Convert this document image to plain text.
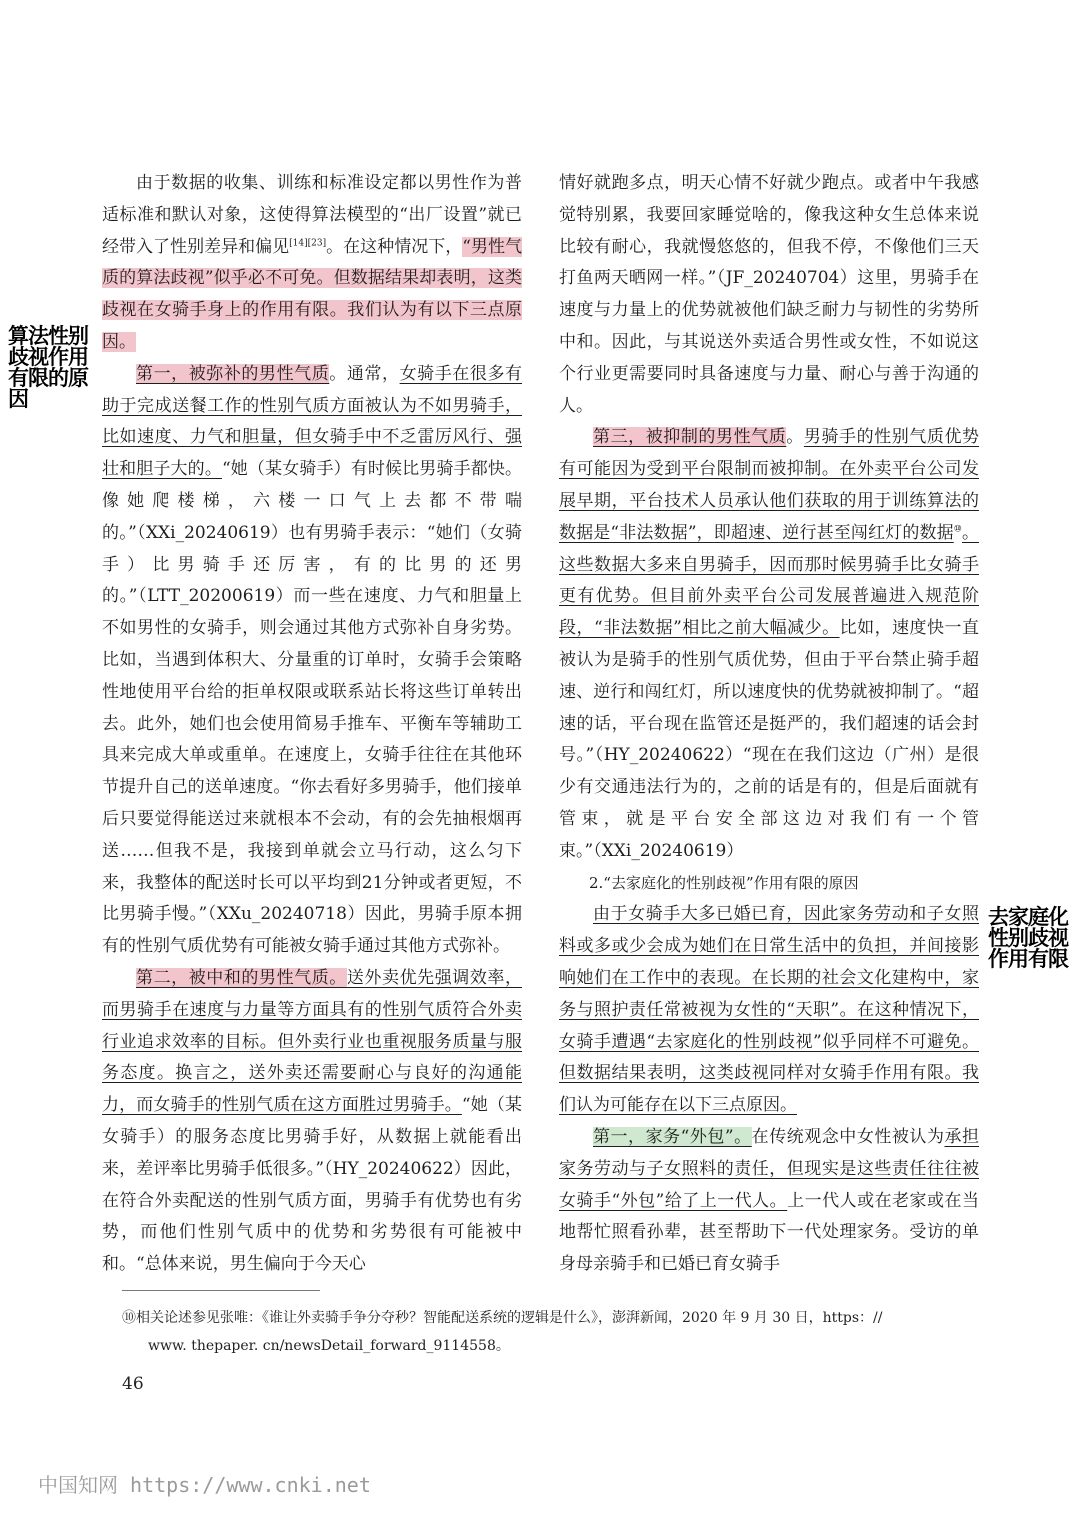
算法性别歧视作用有限的原因
去家庭化性别歧视作用有限

由于数据的收集、训练和标准设定都以男性作为普适标准和默认对象，这使得算法模型的“出厂设置”就已经带入了性别差异和偏见[14][23]。在这种情况下，“男性气质的算法歧视”似乎必不可免。但数据结果却表明，这类歧视在女骑手身上的作用有限。我们认为有以下三点原因。

第一，被弥补的男性气质。通常，女骑手在很多有助于完成送餐工作的性别气质方面被认为不如男骑手，比如速度、力气和胆量，但女骑手中不乏雷厉风行、强壮和胆子大的。“她（某女骑手）有时候比男骑手都快。像她爬楼梯，六楼一口气上去都不带喘的。”（XXi_20240619）也有男骑手表示：“她们（女骑手）比男骑手还厉害，有的比男的还男的。”（LTT_20200619）而一些在速度、力气和胆量上不如男性的女骑手，则会通过其他方式弥补自身劣势。比如，当遇到体积大、分量重的订单时，女骑手会策略性地使用平台给的拒单权限或联系站长将这些订单转出去。此外，她们也会使用简易手推车、平衡车等辅助工具来完成大单或重单。在速度上，女骑手往往在其他环节提升自己的送单速度。“你去看好多男骑手，他们接单后只要觉得能送过来就根本不会动，有的会先抽根烟再送……但我不是，我接到单就会立马行动，这么匀下来，我整体的配送时长可以平均到21分钟或者更短，不比男骑手慢。”（XXu_20240718）因此，男骑手原本拥有的性别气质优势有可能被女骑手通过其他方式弥补。

第二，被中和的男性气质。送外卖优先强调效率，而男骑手在速度与力量等方面具有的性别气质符合外卖行业追求效率的目标。但外卖行业也重视服务质量与服务态度。换言之，送外卖还需要耐心与良好的沟通能力，而女骑手的性别气质在这方面胜过男骑手。“她（某女骑手）的服务态度比男骑手好，从数据上就能看出来，差评率比男骑手低很多。”（HY_20240622）因此，在符合外卖配送的性别气质方面，男骑手有优势也有劣势，而他们性别气质中的优势和劣势很有可能被中和。“总体来说，男生偏向于今天心

情好就跑多点，明天心情不好就少跑点。或者中午我感觉特别累，我要回家睡觉啥的，像我这种女生总体来说比较有耐心，我就慢悠悠的，但我不停，不像他们三天打鱼两天晒网一样。”（JF_20240704）这里，男骑手在速度与力量上的优势就被他们缺乏耐力与韧性的劣势所中和。因此，与其说送外卖适合男性或女性，不如说这个行业更需要同时具备速度与力量、耐心与善于沟通的人。

第三，被抑制的男性气质。男骑手的性别气质优势有可能因为受到平台限制而被抑制。在外卖平台公司发展早期，平台技术人员承认他们获取的用于训练算法的数据是“非法数据”，即超速、逆行甚至闯红灯的数据⑩。这些数据大多来自男骑手，因而那时候男骑手比女骑手更有优势。但目前外卖平台公司发展普遍进入规范阶段，“非法数据”相比之前大幅减少。比如，速度快一直被认为是骑手的性别气质优势，但由于平台禁止骑手超速、逆行和闯红灯，所以速度快的优势就被抑制了。“超速的话，平台现在监管还是挺严的，我们超速的话会封号。”（HY_20240622）“现在在我们这边（广州）是很少有交通违法行为的，之前的话是有的，但是后面就有管束，就是平台安全部这边对我们有一个管束。”（XXi_20240619）

2.“去家庭化的性别歧视”作用有限的原因

由于女骑手大多已婚已育，因此家务劳动和子女照料或多或少会成为她们在日常生活中的负担，并间接影响她们在工作中的表现。在长期的社会文化建构中，家务与照护责任常被视为女性的“天职”。在这种情况下，女骑手遭遇“去家庭化的性别歧视”似乎同样不可避免。但数据结果表明，这类歧视同样对女骑手作用有限。我们认为可能存在以下三点原因。

第一，家务“外包”。在传统观念中女性被认为承担家务劳动与子女照料的责任，但现实是这些责任往往被女骑手“外包”给了上一代人。上一代人或在老家或在当地帮忙照看孙辈，甚至帮助下一代处理家务。受访的单身母亲骑手和已婚已育女骑手

⑩相关论述参见张唯：《谁让外卖骑手争分夺秒？智能配送系统的逻辑是什么》，澎湃新闻，2020 年 9 月 30 日，https：//

www. thepaper. cn/newsDetail_forward_9114558。

46
中国知网 https://www.cnki.net
